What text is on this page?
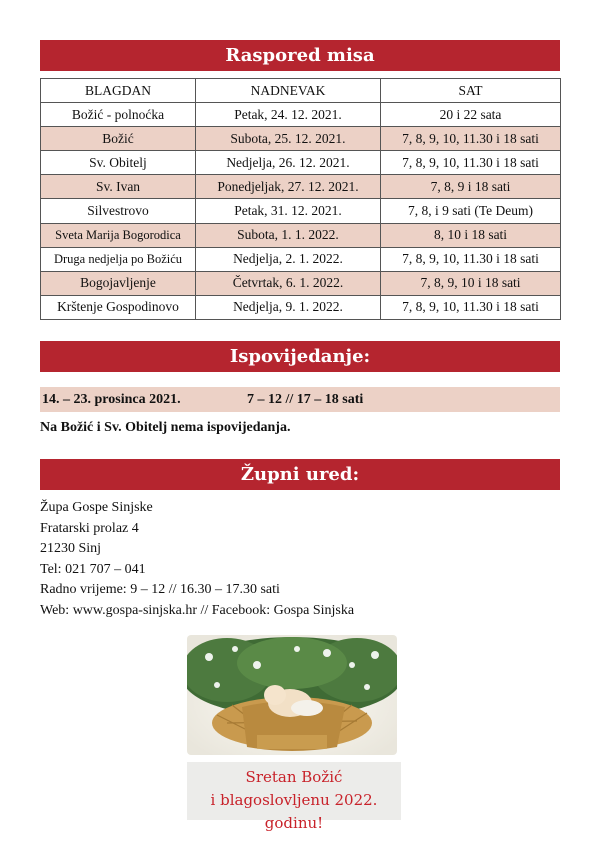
Raspored misa
BLAGDAN	NADNEVAK	SAT
Božić - polnoćka	Petak, 24. 12. 2021.	20 i 22 sata
Božić	Subota, 25. 12. 2021.	7, 8, 9, 10, 11.30 i 18 sati
Sv. Obitelj	Nedjelja, 26. 12. 2021.	7, 8, 9, 10, 11.30 i 18 sati
Sv. Ivan	Ponedjeljak, 27. 12. 2021.	7, 8, 9 i 18 sati
Silvestrovo	Petak, 31. 12. 2021.	7, 8, i 9 sati (Te Deum)
Sveta Marija Bogorodica	Subota, 1. 1. 2022.	8, 10 i 18 sati
Druga nedjelja po Božiću	Nedjelja, 2. 1. 2022.	7, 8, 9, 10, 11.30 i 18 sati
Bogojavljenje	Četvrtak, 6. 1. 2022.	7, 8, 9, 10 i 18 sati
Krštenje Gospodinovo	Nedjelja, 9. 1. 2022.	7, 8, 9, 10, 11.30 i 18 sati
Ispovijedanje:
14. – 23. prosinca 2021.	7 – 12 // 17 – 18 sati
Na Božić i Sv. Obitelj nema ispovijedanja.
Župni ured:
Župa Gospe Sinjske
Fratarski prolaz 4
21230 Sinj
Tel: 021 707 – 041
Radno vrijeme: 9 – 12 // 16.30 – 17.30 sati
Web: www.gospa-sinjska.hr // Facebook: Gospa Sinjska
Sretan Božić
i blagoslovljenu 2022. godinu!
